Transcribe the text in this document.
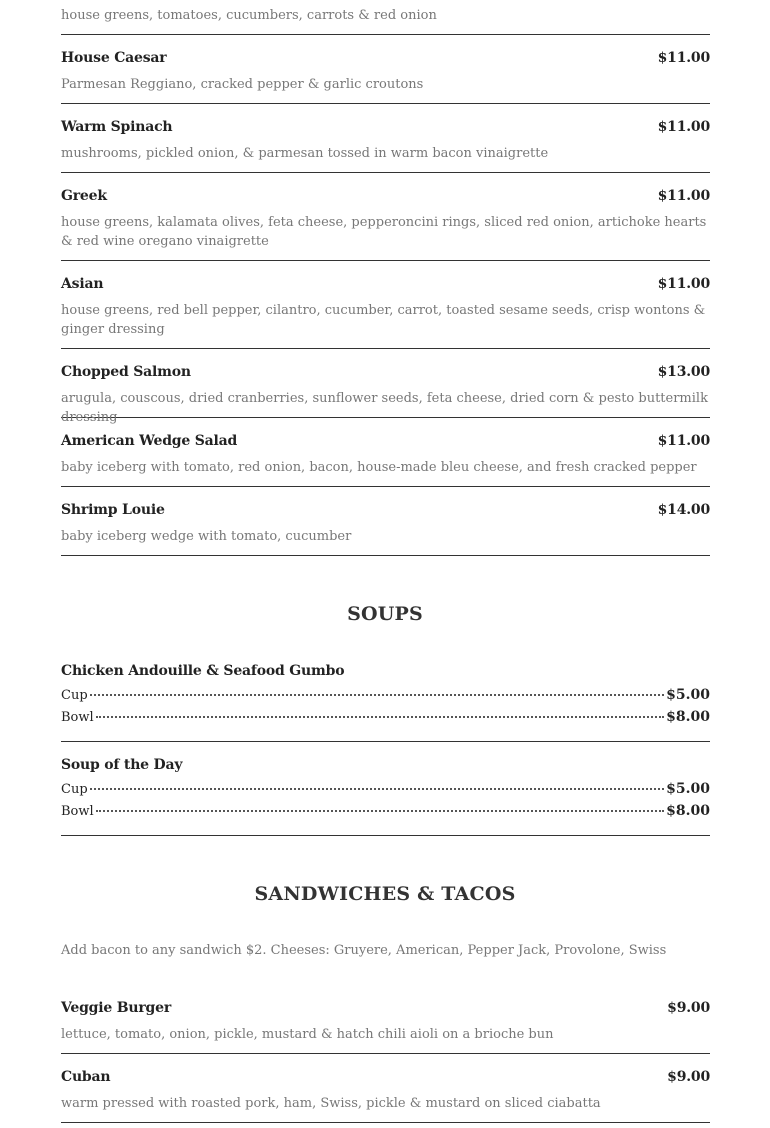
house greens, tomatoes, cucumbers, carrots & red onion
House Caesar	$11.00
Parmesan Reggiano, cracked pepper & garlic croutons
Warm Spinach	$11.00
mushrooms, pickled onion, & parmesan tossed in warm bacon vinaigrette
Greek	$11.00
house greens, kalamata olives, feta cheese, pepperoncini rings, sliced red onion, artichoke hearts & red wine oregano vinaigrette
Asian	$11.00
house greens, red bell pepper, cilantro, cucumber, carrot, toasted sesame seeds, crisp wontons & ginger dressing
Chopped Salmon	$13.00
arugula, couscous, dried cranberries, sunflower seeds, feta cheese, dried corn & pesto buttermilk dressing
American Wedge Salad	$11.00
baby iceberg with tomato, red onion, bacon, house-made bleu cheese, and fresh cracked pepper
Shrimp Louie	$14.00
baby iceberg wedge with tomato, cucumber
SOUPS
Chicken Andouille & Seafood Gumbo
Cup	$5.00
Bowl	$8.00
Soup of the Day
Cup	$5.00
Bowl	$8.00
SANDWICHES & TACOS
Add bacon to any sandwich $2. Cheeses: Gruyere, American, Pepper Jack, Provolone, Swiss
Veggie Burger	$9.00
lettuce, tomato, onion, pickle, mustard & hatch chili aioli on a brioche bun
Cuban	$9.00
warm pressed with roasted pork, ham, Swiss, pickle & mustard on sliced ciabatta
